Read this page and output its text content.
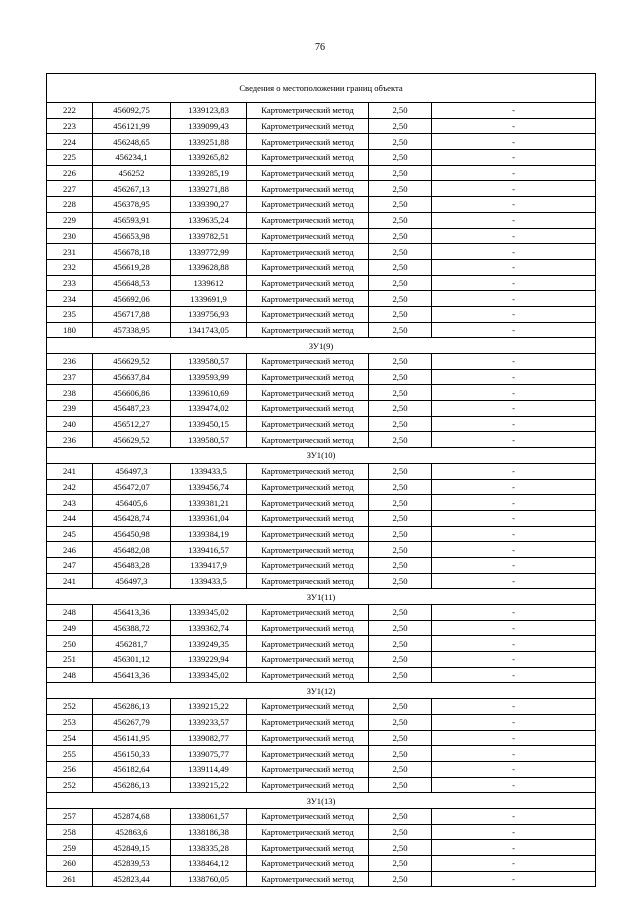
76
Сведения о местоположении границ объекта					
222	456092,75	1339123,83	Картометрический метод	2,50	-
223	456121,99	1339099,43	Картометрический метод	2,50	-
224	456248,65	1339251,88	Картометрический метод	2,50	-
225	456234,1	1339265,82	Картометрический метод	2,50	-
226	456252	1339285,19	Картометрический метод	2,50	-
227	456267,13	1339271,88	Картометрический метод	2,50	-
228	456378,95	1339390,27	Картометрический метод	2,50	-
229	456593,91	1339635,24	Картометрический метод	2,50	-
230	456653,98	1339782,51	Картометрический метод	2,50	-
231	456678,18	1339772,99	Картометрический метод	2,50	-
232	456619,28	1339628,88	Картометрический метод	2,50	-
233	456648,53	1339612	Картометрический метод	2,50	-
234	456692,06	1339691,9	Картометрический метод	2,50	-
235	456717,88	1339756,93	Картометрический метод	2,50	-
180	457338,95	1341743,05	Картометрический метод	2,50	-
ЗУ1(9)					
236	456629,52	1339580,57	Картометрический метод	2,50	-
237	456637,84	1339593,99	Картометрический метод	2,50	-
238	456606,86	1339610,69	Картометрический метод	2,50	-
239	456487,23	1339474,02	Картометрический метод	2,50	-
240	456512,27	1339450,15	Картометрический метод	2,50	-
236	456629,52	1339580,57	Картометрический метод	2,50	-
ЗУ1(10)					
241	456497,3	1339433,5	Картометрический метод	2,50	-
242	456472,07	1339456,74	Картометрический метод	2,50	-
243	456405,6	1339381,21	Картометрический метод	2,50	-
244	456428,74	1339361,04	Картометрический метод	2,50	-
245	456450,98	1339384,19	Картометрический метод	2,50	-
246	456482,08	1339416,57	Картометрический метод	2,50	-
247	456483,28	1339417,9	Картометрический метод	2,50	-
241	456497,3	1339433,5	Картометрический метод	2,50	-
ЗУ1(11)					
248	456413,36	1339345,02	Картометрический метод	2,50	-
249	456388,72	1339362,74	Картометрический метод	2,50	-
250	456281,7	1339249,35	Картометрический метод	2,50	-
251	456301,12	1339229,94	Картометрический метод	2,50	-
248	456413,36	1339345,02	Картометрический метод	2,50	-
ЗУ1(12)					
252	456286,13	1339215,22	Картометрический метод	2,50	-
253	456267,79	1339233,57	Картометрический метод	2,50	-
254	456141,95	1339082,77	Картометрический метод	2,50	-
255	456150,33	1339075,77	Картометрический метод	2,50	-
256	456182,64	1339114,49	Картометрический метод	2,50	-
252	456286,13	1339215,22	Картометрический метод	2,50	-
ЗУ1(13)					
257	452874,68	1338061,57	Картометрический метод	2,50	-
258	452863,6	1338186,38	Картометрический метод	2,50	-
259	452849,15	1338335,28	Картометрический метод	2,50	-
260	452839,53	1338464,12	Картометрический метод	2,50	-
261	452823,44	1338760,05	Картометрический метод	2,50	-
